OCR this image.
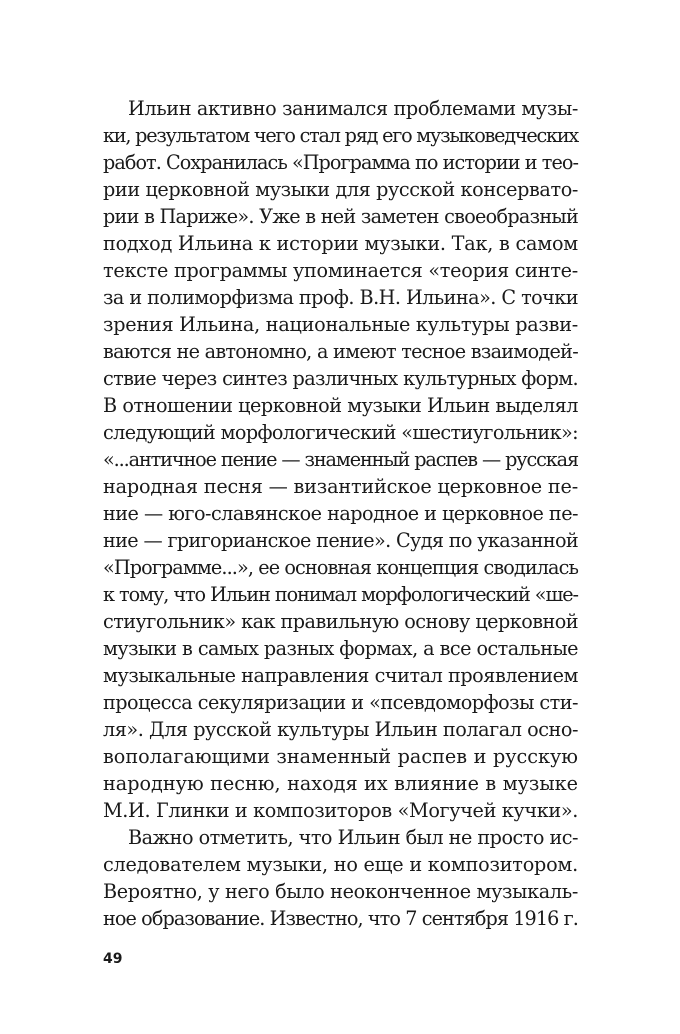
Ильин активно занимался проблемами музы-
ки, результатом чего стал ряд его музыковедческих
работ. Сохранилась «Программа по истории и тео-
рии церковной музыки для русской консервато-
рии в Париже». Уже в ней заметен своеобразный
подход Ильина к истории музыки. Так, в самом
тексте программы упоминается «теория синте-
за и полиморфизма проф. В.Н. Ильина». С точки
зрения Ильина, национальные культуры разви-
ваются не автономно, а имеют тесное взаимодей-
ствие через синтез различных культурных форм.
В отношении церковной музыки Ильин выделял
следующий морфологический «шестиугольник»:
«...античное пение — знаменный распев — русская
народная песня — византийское церковное пе-
ние — юго-славянское народное и церковное пе-
ние — григорианское пение». Судя по указанной
«Программе...», ее основная концепция сводилась
к тому, что Ильин понимал морфологический «ше-
стиугольник» как правильную основу церковной
музыки в самых разных формах, а все остальные
музыкальные направления считал проявлением
процесса секуляризации и «псевдоморфозы сти-
ля». Для русской культуры Ильин полагал осно-
вополагающими знаменный распев и русскую
народную песню, находя их влияние в музыке
М.И. Глинки и композиторов «Могучей кучки».
Важно отметить, что Ильин был не просто ис-
следователем музыки, но еще и композитором.
Вероятно, у него было неоконченное музыкаль-
ное образование. Известно, что 7 сентября 1916 г.
49
